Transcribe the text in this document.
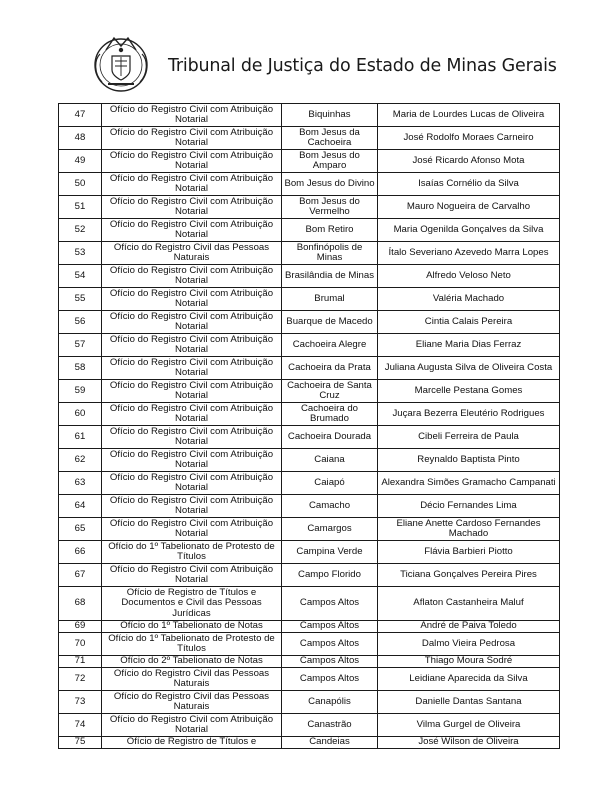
Tribunal de Justiça do Estado de Minas Gerais
47	Ofício do Registro Civil com Atribuição Notarial	Biquinhas	Maria de Lourdes Lucas de Oliveira
48	Ofício do Registro Civil com Atribuição Notarial	Bom Jesus da Cachoeira	José Rodolfo Moraes Carneiro
49	Ofício do Registro Civil com Atribuição Notarial	Bom Jesus do Amparo	José Ricardo Afonso Mota
50	Ofício do Registro Civil com Atribuição Notarial	Bom Jesus do Divino	Isaías Cornélio da Silva
51	Ofício do Registro Civil com Atribuição Notarial	Bom Jesus do Vermelho	Mauro Nogueira de Carvalho
52	Ofício do Registro Civil com Atribuição Notarial	Bom Retiro	Maria Ogenilda Gonçalves da Silva
53	Ofício do Registro Civil das Pessoas Naturais	Bonfinópolis de Minas	Ítalo Severiano Azevedo Marra Lopes
54	Ofício do Registro Civil com Atribuição Notarial	Brasilândia de Minas	Alfredo Veloso Neto
55	Ofício do Registro Civil com Atribuição Notarial	Brumal	Valéria Machado
56	Ofício do Registro Civil com Atribuição Notarial	Buarque de Macedo	Cintia Calais Pereira
57	Ofício do Registro Civil com Atribuição Notarial	Cachoeira Alegre	Eliane Maria Dias Ferraz
58	Ofício do Registro Civil com Atribuição Notarial	Cachoeira da Prata	Juliana Augusta Silva de Oliveira Costa
59	Ofício do Registro Civil com Atribuição Notarial	Cachoeira de Santa Cruz	Marcelle Pestana Gomes
60	Ofício do Registro Civil com Atribuição Notarial	Cachoeira do Brumado	Juçara Bezerra Eleutério Rodrigues
61	Ofício do Registro Civil com Atribuição Notarial	Cachoeira Dourada	Cibeli Ferreira de Paula
62	Ofício do Registro Civil com Atribuição Notarial	Caiana	Reynaldo Baptista Pinto
63	Ofício do Registro Civil com Atribuição Notarial	Caiapó	Alexandra Simões Gramacho Campanati
64	Ofício do Registro Civil com Atribuição Notarial	Camacho	Décio Fernandes Lima
65	Ofício do Registro Civil com Atribuição Notarial	Camargos	Eliane Anette Cardoso Fernandes Machado
66	Ofício do 1º Tabelionato de Protesto de Títulos	Campina Verde	Flávia Barbieri Piotto
67	Ofício do Registro Civil com Atribuição Notarial	Campo Florido	Ticiana Gonçalves Pereira Pires
68	Ofício de Registro de Títulos e Documentos e Civil das Pessoas Jurídicas	Campos Altos	Aflaton Castanheira Maluf
69	Ofício do 1º Tabelionato de Notas	Campos Altos	André de Paiva Toledo
70	Ofício do 1º Tabelionato de Protesto de Títulos	Campos Altos	Dalmo Vieira Pedrosa
71	Ofício do 2º Tabelionato de Notas	Campos Altos	Thiago Moura Sodré
72	Ofício do Registro Civil das Pessoas Naturais	Campos Altos	Leidiane Aparecida da Silva
73	Ofício do Registro Civil das Pessoas Naturais	Canapólis	Danielle Dantas Santana
74	Ofício do Registro Civil com Atribuição Notarial	Canastrão	Vilma Gurgel de Oliveira
75	Ofício de Registro de Títulos e	Candeias	José Wilson de Oliveira
